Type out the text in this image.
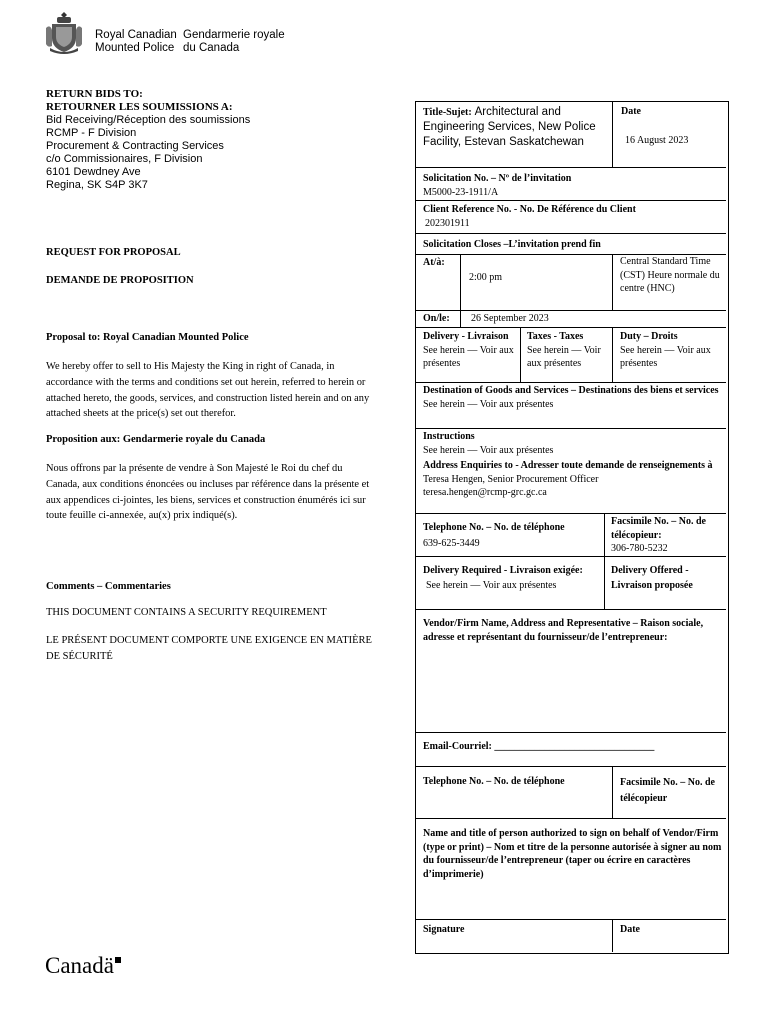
Royal Canadian
Mounted Police
Gendarmerie royale
du Canada
RETURN BIDS TO:
RETOURNER LES SOUMISSIONS A:
Bid Receiving/Réception des soumissions
RCMP - F Division
Procurement & Contracting Services
c/o Commissionaires, F Division
6101 Dewdney Ave
Regina, SK S4P 3K7
REQUEST FOR PROPOSAL
DEMANDE DE PROPOSITION
Proposal to: Royal Canadian Mounted Police
We hereby offer to sell to His Majesty the King in right of Canada, in accordance with the terms and conditions set out herein, referred to herein or attached hereto, the goods, services, and construction listed herein and on any attached sheets at the price(s) set out therefor.
Proposition aux: Gendarmerie royale du Canada
Nous offrons par la présente de vendre à Son Majesté le Roi du chef du Canada, aux conditions énoncées ou incluses par référence dans la présente et aux appendices ci-jointes, les biens, services et construction énumérés ici sur toute feuille ci-annexée, au(x) prix indiqué(s).
Comments – Commentaries
THIS DOCUMENT CONTAINS A SECURITY REQUIREMENT
LE PRÉSENT DOCUMENT COMPORTE UNE EXIGENCE EN MATIÈRE DE SÉCURITÉ
Canadä
Title-Sujet: Architectural and Engineering Services, New Police Facility, Estevan Saskatchewan
Date
16 August 2023
Solicitation No. – Nº de l’invitation
M5000-23-1911/A
Client Reference No. - No. De Référence du Client
202301911
Solicitation Closes –L’invitation prend fin
At/à:
2:00 pm
Central Standard Time (CST) Heure normale du centre (HNC)
On/le: 26 September 2023
Delivery - Livraison
See herein — Voir aux présentes
Taxes - Taxes
See herein — Voir aux présentes
Duty – Droits
See herein — Voir aux présentes
Destination of Goods and Services – Destinations des biens et services
See herein — Voir aux présentes
Instructions
See herein — Voir aux présentes
Address Enquiries to - Adresser toute demande de renseignements à
Teresa Hengen, Senior Procurement Officer
teresa.hengen@rcmp-grc.gc.ca
Telephone No. – No. de téléphone
639-625-3449
Facsimile No. – No. de télécopieur:
306-780-5232
Delivery Required - Livraison exigée:
See herein — Voir aux présentes
Delivery Offered - Livraison proposée
Vendor/Firm Name, Address and Representative – Raison sociale, adresse et représentant du fournisseur/de l’entrepreneur:
Email-Courriel: ________________________________
Telephone No. – No. de téléphone	Facsimile No. – No. de télécopieur
Name and title of person authorized to sign on behalf of Vendor/Firm (type or print) – Nom et titre de la personne autorisée à signer au nom du fournisseur/de l’entrepreneur (taper ou écrire en caractères d’imprimerie)
Signature	Date
